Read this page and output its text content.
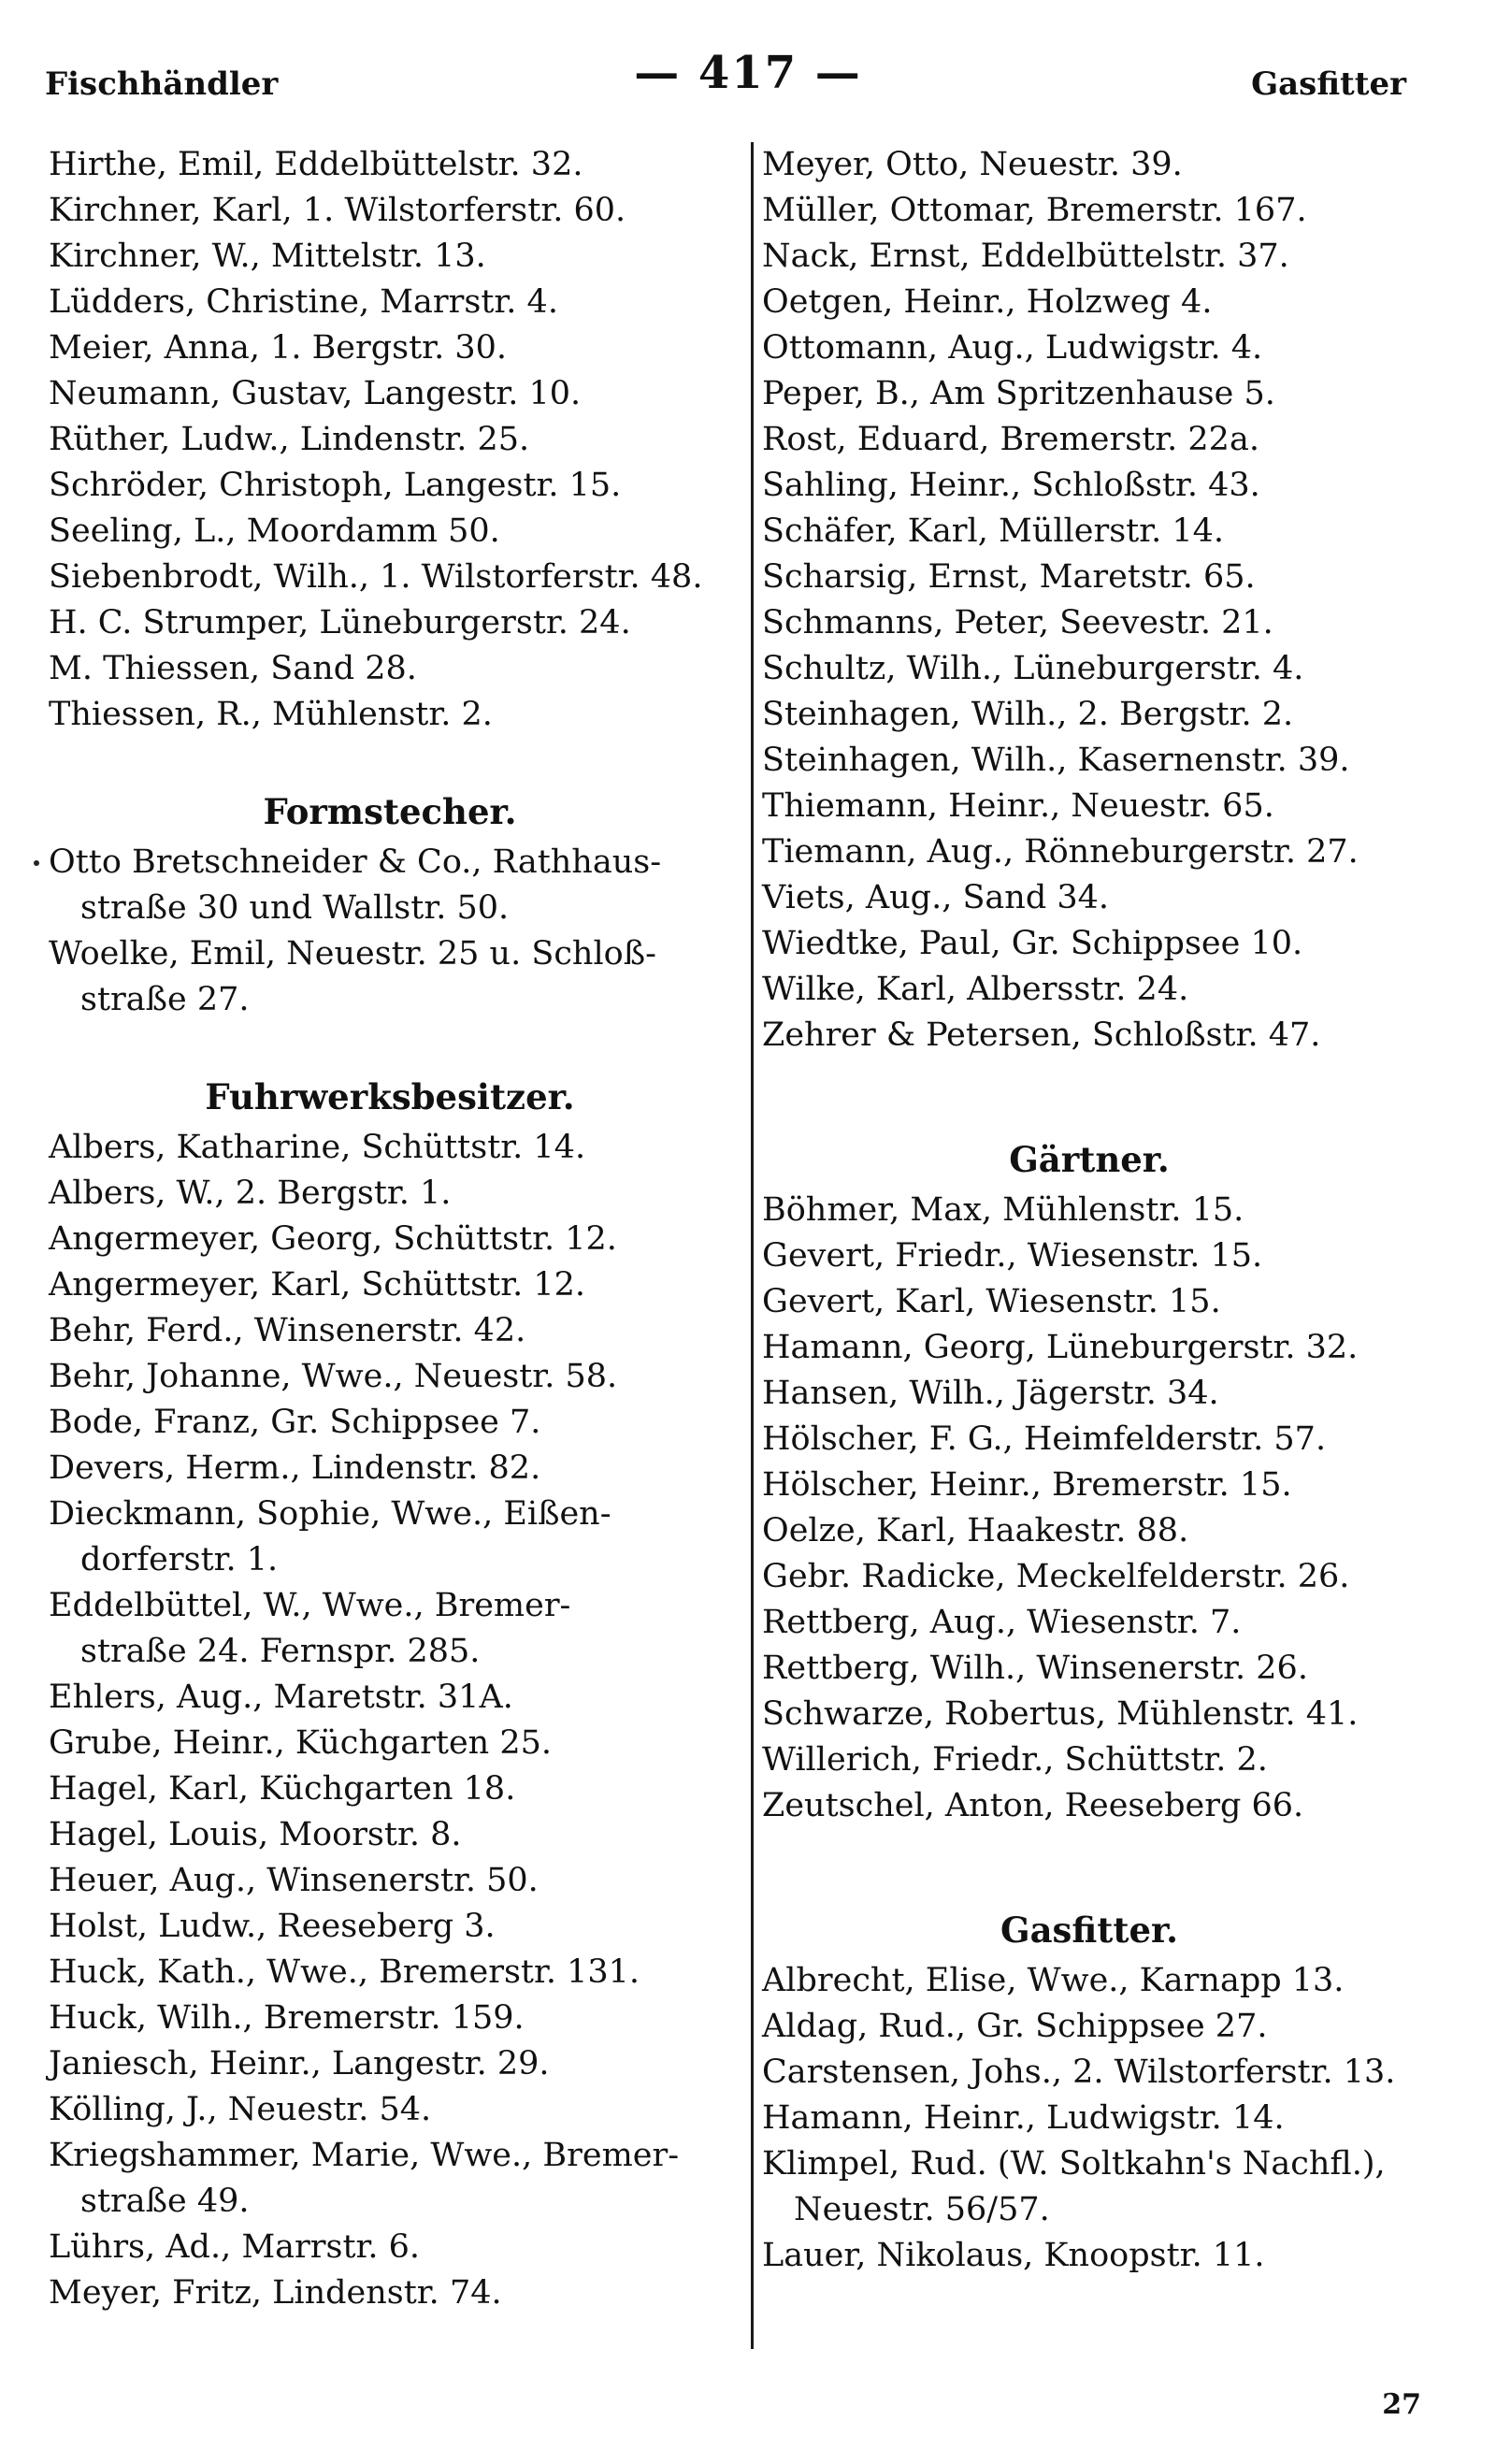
Fischhändler	— 417 —	Gasfitter
Hirthe, Emil, Eddelbüttelstr. 32.
Kirchner, Karl, 1. Wilstorferstr. 60.
Kirchner, W., Mittelstr. 13.
Lüdders, Christine, Marrstr. 4.
Meier, Anna, 1. Bergstr. 30.
Neumann, Gustav, Langestr. 10.
Rüther, Ludw., Lindenstr. 25.
Schröder, Christoph, Langestr. 15.
Seeling, L., Moordamm 50.
Siebenbrodt, Wilh., 1. Wilstorferstr. 48.
H. C. Strumper, Lüneburgerstr. 24.
M. Thiessen, Sand 28.
Thiessen, R., Mühlenstr. 2.
Formstecher.
Otto Bretschneider & Co., Rathhaus-
straße 30 und Wallstr. 50.
Woelke, Emil, Neuestr. 25 u. Schloß-
straße 27.
Fuhrwerksbesitzer.
Albers, Katharine, Schüttstr. 14.
Albers, W., 2. Bergstr. 1.
Angermeyer, Georg, Schüttstr. 12.
Angermeyer, Karl, Schüttstr. 12.
Behr, Ferd., Winsenerstr. 42.
Behr, Johanne, Wwe., Neuestr. 58.
Bode, Franz, Gr. Schippsee 7.
Devers, Herm., Lindenstr. 82.
Dieckmann, Sophie, Wwe., Eißen-
dorferstr. 1.
Eddelbüttel, W., Wwe., Bremer-
straße 24. Fernspr. 285.
Ehlers, Aug., Maretstr. 31A.
Grube, Heinr., Küchgarten 25.
Hagel, Karl, Küchgarten 18.
Hagel, Louis, Moorstr. 8.
Heuer, Aug., Winsenerstr. 50.
Holst, Ludw., Reeseberg 3.
Huck, Kath., Wwe., Bremerstr. 131.
Huck, Wilh., Bremerstr. 159.
Janiesch, Heinr., Langestr. 29.
Kölling, J., Neuestr. 54.
Kriegshammer, Marie, Wwe., Bremer-
straße 49.
Lührs, Ad., Marrstr. 6.
Meyer, Fritz, Lindenstr. 74.
Meyer, Otto, Neuestr. 39.
Müller, Ottomar, Bremerstr. 167.
Nack, Ernst, Eddelbüttelstr. 37.
Oetgen, Heinr., Holzweg 4.
Ottomann, Aug., Ludwigstr. 4.
Peper, B., Am Spritzenhause 5.
Rost, Eduard, Bremerstr. 22a.
Sahling, Heinr., Schloßstr. 43.
Schäfer, Karl, Müllerstr. 14.
Scharsig, Ernst, Maretstr. 65.
Schmanns, Peter, Seevestr. 21.
Schultz, Wilh., Lüneburgerstr. 4.
Steinhagen, Wilh., 2. Bergstr. 2.
Steinhagen, Wilh., Kasernenstr. 39.
Thiemann, Heinr., Neuestr. 65.
Tiemann, Aug., Rönneburgerstr. 27.
Viets, Aug., Sand 34.
Wiedtke, Paul, Gr. Schippsee 10.
Wilke, Karl, Albersstr. 24.
Zehrer & Petersen, Schloßstr. 47.
Gärtner.
Böhmer, Max, Mühlenstr. 15.
Gevert, Friedr., Wiesenstr. 15.
Gevert, Karl, Wiesenstr. 15.
Hamann, Georg, Lüneburgerstr. 32.
Hansen, Wilh., Jägerstr. 34.
Hölscher, F. G., Heimfelderstr. 57.
Hölscher, Heinr., Bremerstr. 15.
Oelze, Karl, Haakestr. 88.
Gebr. Radicke, Meckelfelderstr. 26.
Rettberg, Aug., Wiesenstr. 7.
Rettberg, Wilh., Winsenerstr. 26.
Schwarze, Robertus, Mühlenstr. 41.
Willerich, Friedr., Schüttstr. 2.
Zeutschel, Anton, Reeseberg 66.
Gasfitter.
Albrecht, Elise, Wwe., Karnapp 13.
Aldag, Rud., Gr. Schippsee 27.
Carstensen, Johs., 2. Wilstorferstr. 13.
Hamann, Heinr., Ludwigstr. 14.
Klimpel, Rud. (W. Soltkahn's Nachfl.),
Neuestr. 56/57.
Lauer, Nikolaus, Knoopstr. 11.
27
